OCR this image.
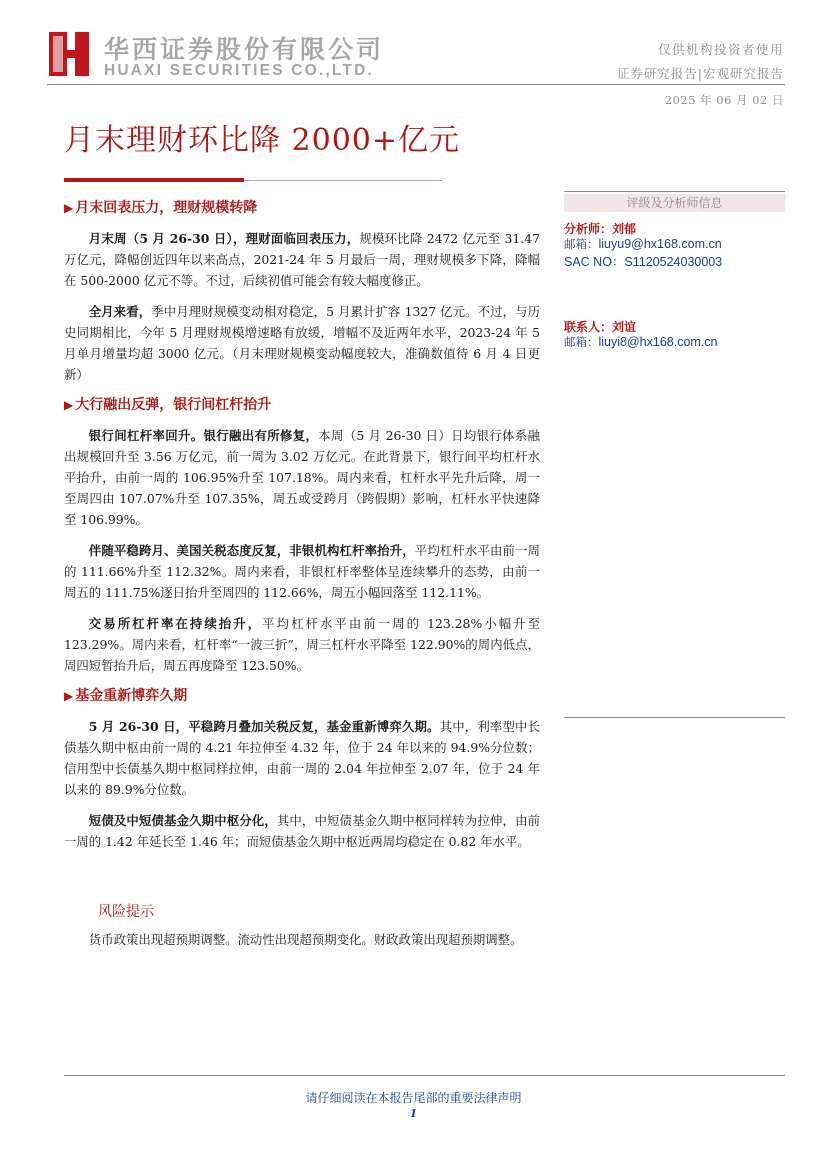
华西证券股份有限公司
HUAXI SECURITIES CO.,LTD.
仅供机构投资者使用
证券研究报告|宏观研究报告
2025 年 06 月 02 日
月末理财环比降 2000+亿元
▶ 月末回表压力，理财规模转降

月末周（5 月 26-30 日），理财面临回表压力，规模环比降 2472 亿元至 31.47 万亿元，降幅创近四年以来高点，2021-24 年 5 月最后一周，理财规模多下降，降幅在 500-2000 亿元不等。不过，后续初值可能会有较大幅度修正。

全月来看，季中月理财规模变动相对稳定，5 月累计扩容 1327 亿元。不过，与历史同期相比，今年 5 月理财规模增速略有放缓，增幅不及近两年水平，2023-24 年 5 月单月增量均超 3000 亿元。（月末理财规模变动幅度较大，准确数值待 6 月 4 日更新）

▶ 大行融出反弹，银行间杠杆抬升

银行间杠杆率回升。银行融出有所修复，本周（5 月 26-30 日）日均银行体系融出规模回升至 3.56 万亿元，前一周为 3.02 万亿元。在此背景下，银行间平均杠杆水平抬升，由前一周的 106.95%升至 107.18%。周内来看，杠杆水平先升后降，周一至周四由 107.07%升至 107.35%，周五或受跨月（跨假期）影响，杠杆水平快速降至 106.99%。

伴随平稳跨月、美国关税态度反复，非银机构杠杆率抬升，平均杠杆水平由前一周的 111.66%升至 112.32%。周内来看，非银杠杆率整体呈连续攀升的态势，由前一周五的 111.75%逐日抬升至周四的 112.66%，周五小幅回落至 112.11%。

交易所杠杆率在持续抬升，平均杠杆水平由前一周的 123.28%小幅升至 123.29%。周内来看，杠杆率“一波三折”，周三杠杆水平降至 122.90%的周内低点，周四短暂抬升后，周五再度降至 123.50%。

▶ 基金重新博弈久期

5 月 26-30 日，平稳跨月叠加关税反复，基金重新博弈久期。其中，利率型中长债基久期中枢由前一周的 4.21 年拉伸至 4.32 年，位于 24 年以来的 94.9%分位数；信用型中长债基久期中枢同样拉伸，由前一周的 2.04 年拉伸至 2.07 年，位于 24 年以来的 89.9%分位数。

短债及中短债基金久期中枢分化，其中，中短债基金久期中枢同样转为拉伸，由前一周的 1.42 年延长至 1.46 年；而短债基金久期中枢近两周均稳定在 0.82 年水平。

风险提示
货币政策出现超预期调整。流动性出现超预期变化。财政政策出现超预期调整。
评级及分析师信息
分析师：刘郁
邮箱：liuyu9@hx168.com.cn
SAC NO：S1120524030003
联系人：刘谊
邮箱：liuyi8@hx168.com.cn
请仔细阅读在本报告尾部的重要法律声明
1
